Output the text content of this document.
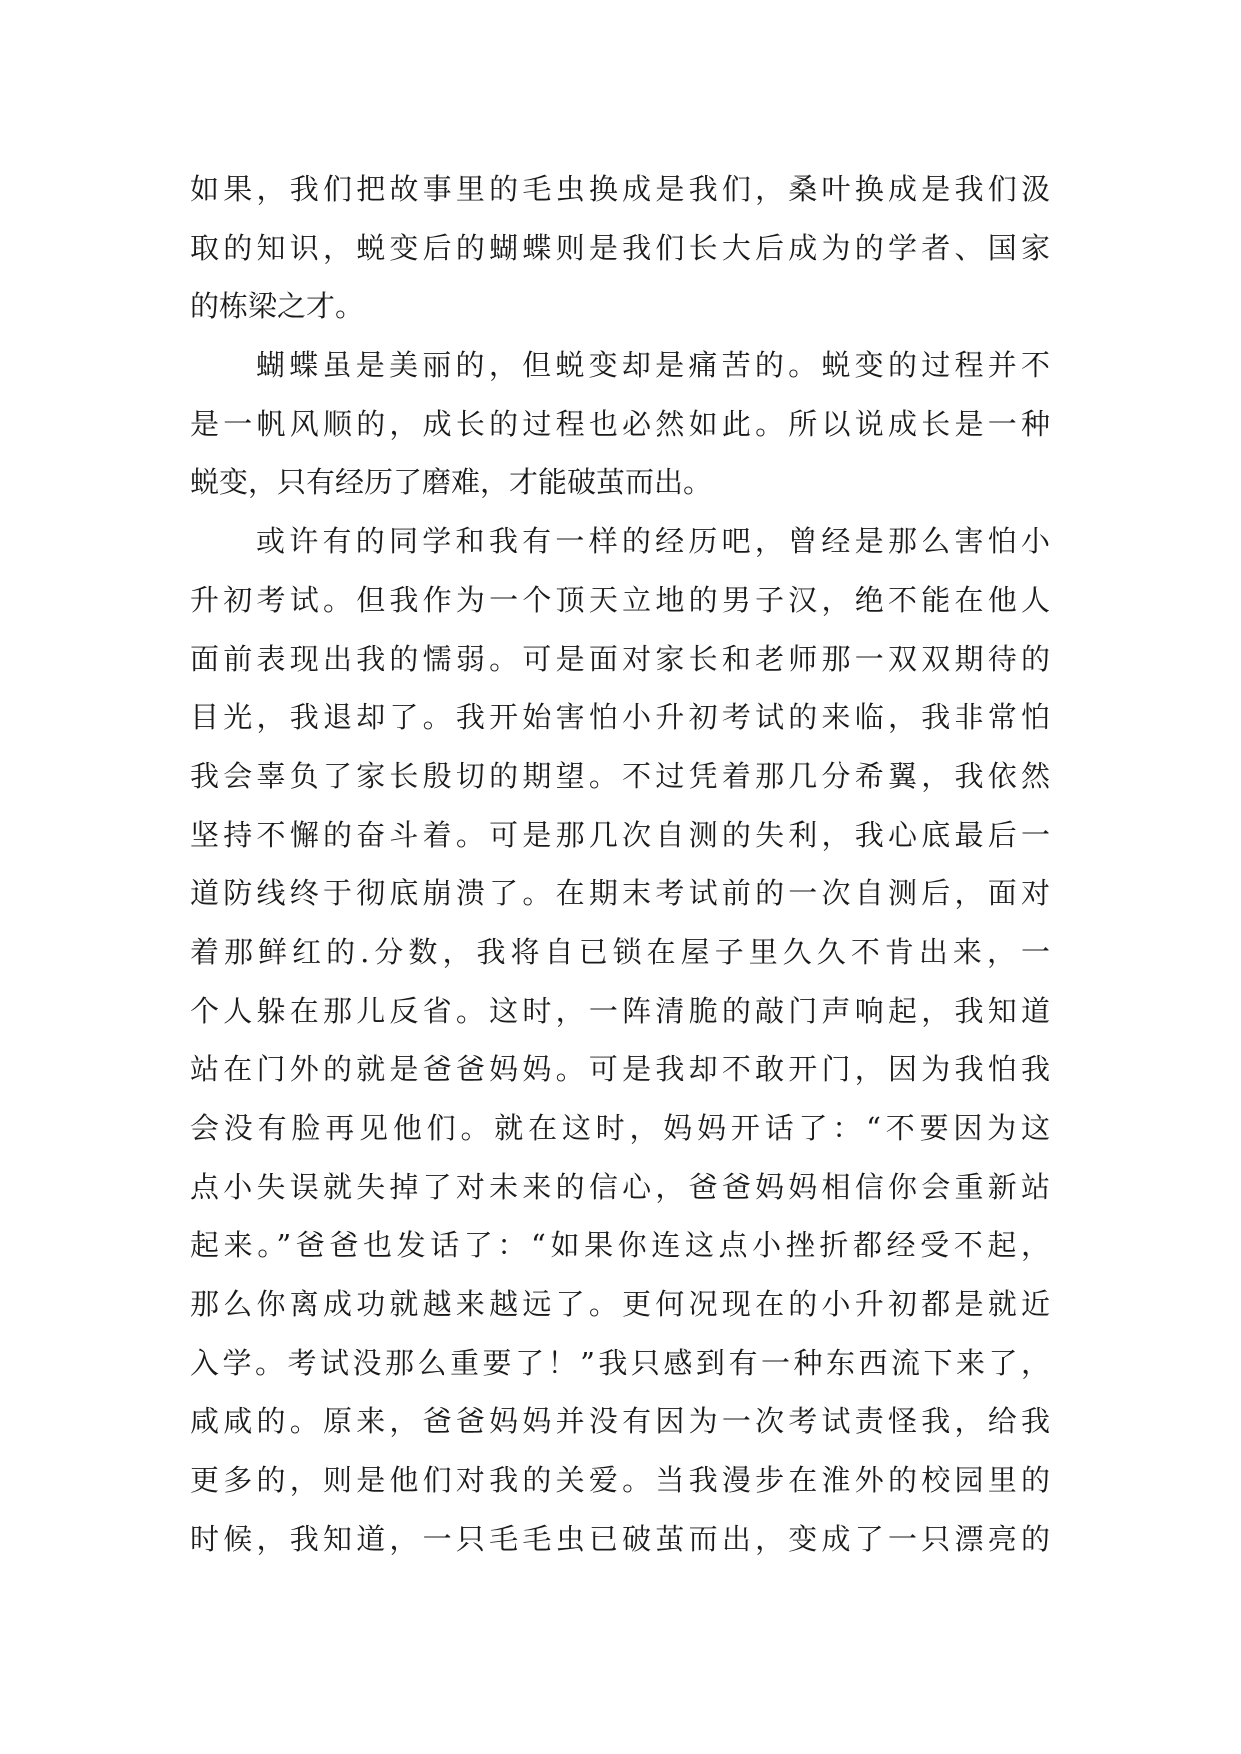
如果，我们把故事里的毛虫换成是我们，桑叶换成是我们汲
取的知识，蜕变后的蝴蝶则是我们长大后成为的学者、国家
的栋梁之才。
蝴蝶虽是美丽的，但蜕变却是痛苦的。蜕变的过程并不
是一帆风顺的，成长的过程也必然如此。所以说成长是一种
蜕变，只有经历了磨难，才能破茧而出。
或许有的同学和我有一样的经历吧，曾经是那么害怕小
升初考试。但我作为一个顶天立地的男子汉，绝不能在他人
面前表现出我的懦弱。可是面对家长和老师那一双双期待的
目光，我退却了。我开始害怕小升初考试的来临，我非常怕
我会辜负了家长殷切的期望。不过凭着那几分希翼，我依然
坚持不懈的奋斗着。可是那几次自测的失利，我心底最后一
道防线终于彻底崩溃了。在期末考试前的一次自测后，面对
着那鲜红的.分数，我将自已锁在屋子里久久不肯出来，一
个人躲在那儿反省。这时，一阵清脆的敲门声响起，我知道
站在门外的就是爸爸妈妈。可是我却不敢开门，因为我怕我
会没有脸再见他们。就在这时，妈妈开话了：“不要因为这
点小失误就失掉了对未来的信心，爸爸妈妈相信你会重新站
起来。”爸爸也发话了：“如果你连这点小挫折都经受不起，
那么你离成功就越来越远了。更何况现在的小升初都是就近
入学。考试没那么重要了！”我只感到有一种东西流下来了，
咸咸的。原来，爸爸妈妈并没有因为一次考试责怪我，给我
更多的，则是他们对我的关爱。当我漫步在淮外的校园里的
时候，我知道，一只毛毛虫已破茧而出，变成了一只漂亮的
